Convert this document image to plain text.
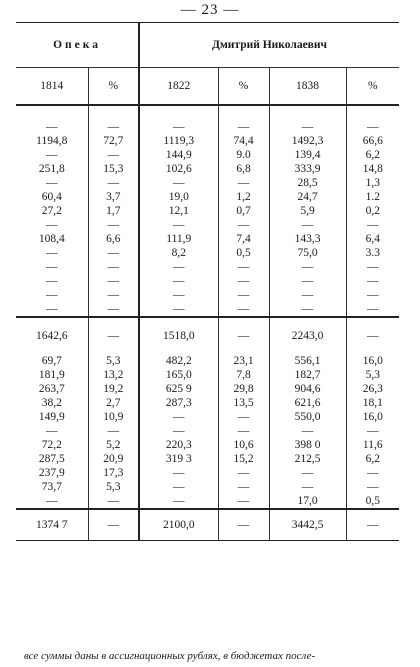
— 23 —
Опека		Дмитрий Николаевич			
1814	%	1822	%	1838	%

—	—	—	—	—	—
1194,8	72,7	1119,3	74,4	1492,3	66,6
—	—	144,9	9.0	139,4	6,2
251,8	15,3	102,6	6,8	333,9	14,8
—	—	—	—	28,5	1,3
60,4	3,7	19,0	1,2	24,7	1.2
27,2	1,7	12,1	0,7	5,9	0,2
—	—	—	—	—	—
108,4	6,6	111,9	7,4	143,3	6,4
—	—	8,2	0,5	75,0	3.3
—	—	—	—	—	—
—	—	—	—	—	—
—	—	—	—	—	—
—	—	—	—	—	—
1642,6	—	1518,0	—	2243,0	—
69,7	5,3	482,2	23,1	556,1	16,0
181,9	13,2	165,0	7,8	182,7	5,3
263,7	19,2	625 9	29,8	904,6	26,3
38,2	2,7	287,3	13,5	621,6	18,1
149,9	10,9	—	—	550,0	16,0
—	—	—	—	—	—
72,2	5,2	220,3	10,6	398 0	11,6
287,5	20,9	319 3	15,2	212,5	6,2
237,9	17,3	—	—	—	—
73,7	5,3	—	—	—	—
—	—	—	—	17,0	0,5
1374 7	—	2100,0	—	3442,5	—
все суммы даны в ассигнационных рублях, в бюджетах после-
